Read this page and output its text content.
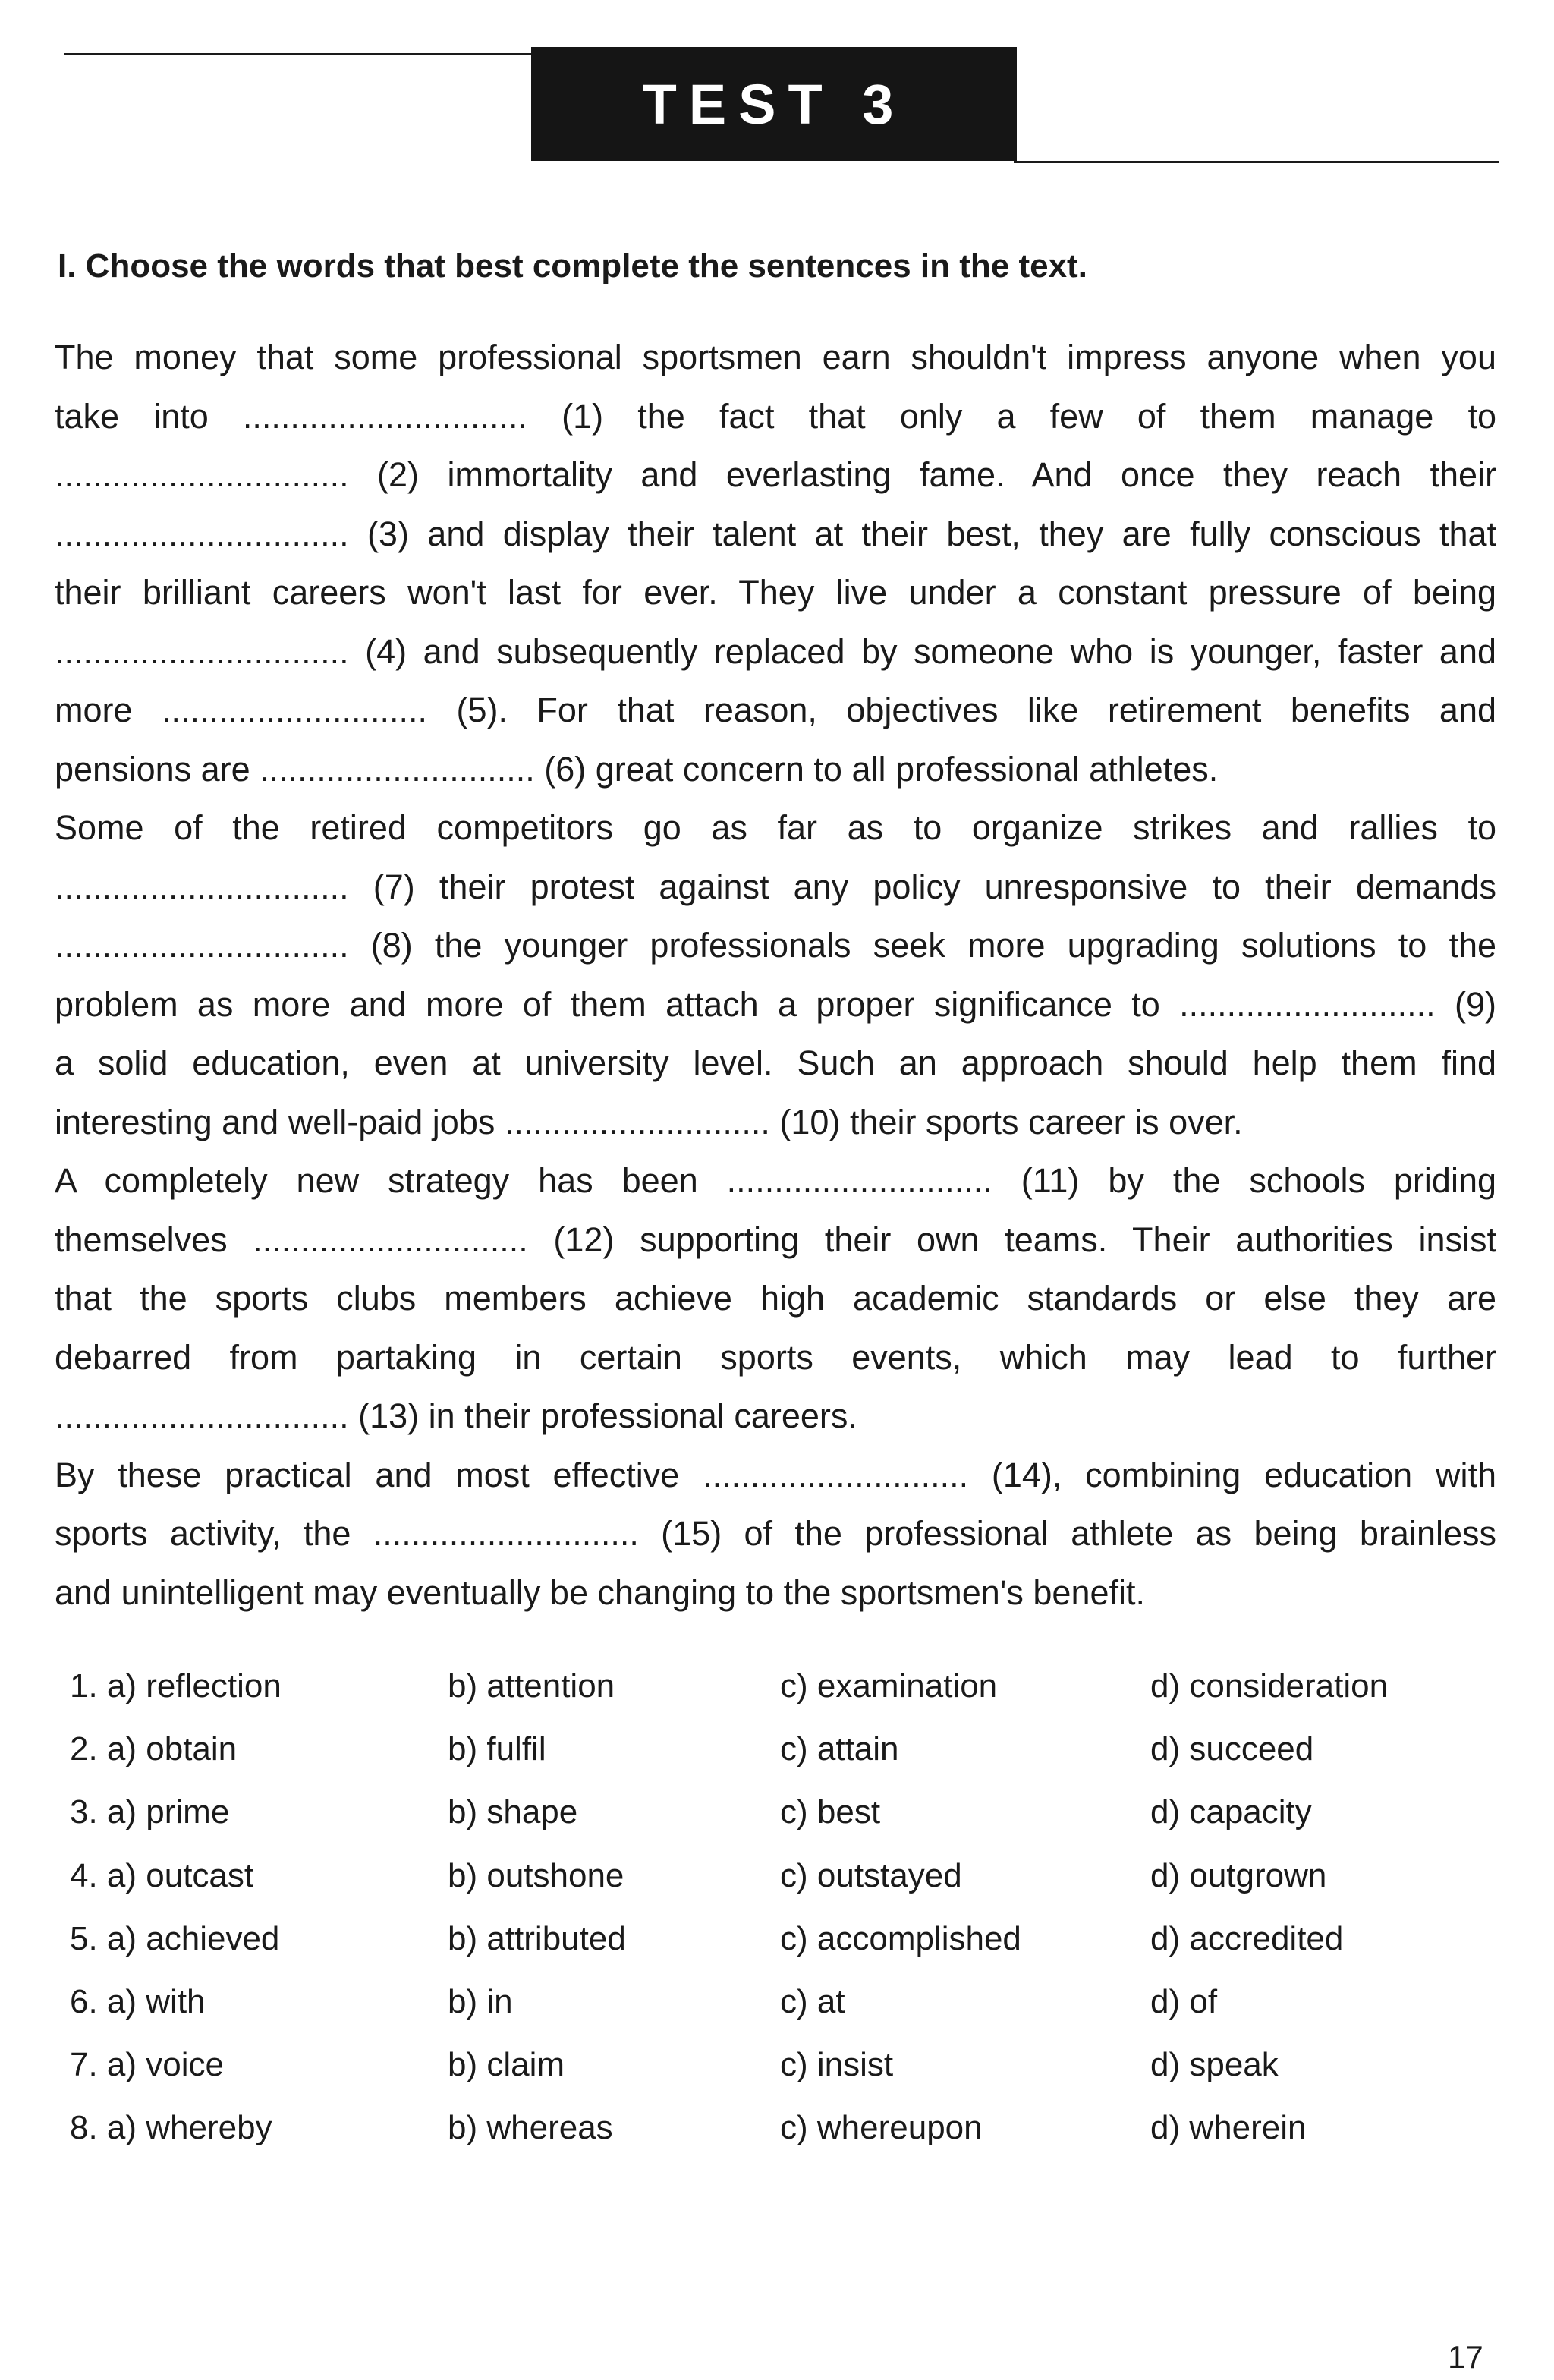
TEST 3
I. Choose the words that best complete the sentences in the text.
The money that some professional sportsmen earn shouldn't impress anyone when you
take into .............................. (1) the fact that only a few of them manage to
............................... (2) immortality and everlasting fame. And once they reach their
............................... (3) and display their talent at their best, they are fully conscious that
their brilliant careers won't last for ever. They live under a constant pressure of being
............................... (4) and subsequently replaced by someone who is younger, faster and
more ............................ (5). For that reason, objectives like retirement benefits and
pensions are ............................. (6) great concern to all professional athletes.
Some of the retired competitors go as far as to organize strikes and rallies to
............................... (7) their protest against any policy unresponsive to their demands
............................... (8) the younger professionals seek more upgrading solutions to the
problem as more and more of them attach a proper significance to ........................... (9)
a solid education, even at university level. Such an approach should help them find
interesting and well-paid jobs ............................ (10) their sports career is over.
A completely new strategy has been ............................ (11) by the schools priding
themselves ............................. (12) supporting their own teams. Their authorities insist
that the sports clubs members achieve high academic standards or else they are
debarred from partaking in certain sports events, which may lead to further
............................... (13) in their professional careers.
By these practical and most effective ............................ (14), combining education with
sports activity, the ............................ (15) of the professional athlete as being brainless
and unintelligent may eventually be changing to the sportsmen's benefit.
1. a) reflection	b) attention	c) examination	d) consideration
2. a) obtain	b) fulfil	c) attain	d) succeed
3. a) prime	b) shape	c) best	d) capacity
4. a) outcast	b) outshone	c) outstayed	d) outgrown
5. a) achieved	b) attributed	c) accomplished	d) accredited
6. a) with	b) in	c) at	d) of
7. a) voice	b) claim	c) insist	d) speak
8. a) whereby	b) whereas	c) whereupon	d) wherein
17
